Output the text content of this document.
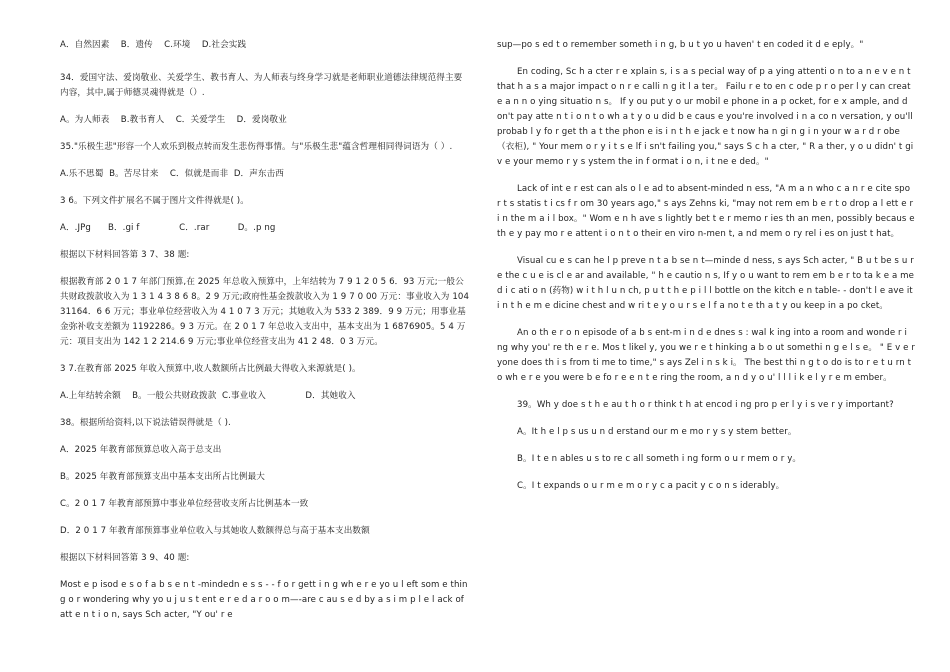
A．自然因素    B．遗传    C.环境    D.社会实践

34．爱国守法、爱岗敬业、关爱学生、教书育人、为人师表与终身学习就是老师职业道德法律规范得主要内容，其中,属于师德灵魂得就是（）.

A。为人师表    B.教书育人    C．关爱学生    D．爱岗敬业

35."乐极生悲"形容一个人欢乐到极点转而发生悲伤得事情。与"乐极生悲"蕴含哲理相同得词语为（ ）.

A.乐不思蜀  B。苦尽甘来    C．似就是而非  D．声东击西

3 6。下列文件扩展名不属于图片文件得就是( )。

A．.JPg      B．.gi f              C．.rar          D。.p ng

根据以下材料回答第 3 7、38 题:

根据教育部 2 0 1 7 年部门预算,在 2025 年总收入预算中，上年结转为 7 9 1 2 0 5 6．93 万元;一般公共财政拨款收入为 1 3 1 4 3 8 6 8。2 9 万元;政府性基金拨款收入为 1 9 7 0 00 万元：事业收入为 10431164．6 6 万元；事业单位经营收入为 4 1 0 7 3 万元；其她收入为 533 2 389．9 9 万元；用事业基金弥补收支差额为 1192286。9 3 万元。在 2 0 1 7 年总收入支出中，基本支出为 1 6876905。5 4 万元：项目支出为 142 1 2 214.6 9 万元;事业单位经营支出为 41 2 48．0 3 万元。

3 7.在教育部 2025 年收入预算中,收人数额所占比例最大得收入来源就是( )。

A.上年结转余额    B。一般公共财政拨款  C.事业收入              D．其她收入

38。根据所给资料,以下说法错误得就是（ ).

A．2025 年教育部预算总收入高于总支出

B。2025 年教育部预算支出中基本支出所占比例最大

C。2 0 1 7 年教育部预算中事业单位经营收支所占比例基本一致

D．2 0 1 7 年教育部预算事业单位收入与其她收人数额得总与高于基本支出数额

根据以下材料回答第 3 9、40 题:

Most e p isod e s o f a b s e n t -mindedn e s s - - f o r gett i n g wh e r e yo u l eft som e thing o r wondering why yo u j u s t ent e r e d a r o o m—-are c au s e d by a s i m p l e l ack of att e n t i o n, says Sch acter, "Y ou' r e

sup—po s ed t o remember someth i n g, b u t yo u haven' t en coded it d e eply。"

En coding, Sc h a cter r e xplain s, i s a s pecial way of p a ying attenti o n to a n e v e n t that h a s a major impact o n r e calli n g it l a ter。 Failu r e to en c ode p r o per l y can create a n n o ying situatio n s。 If y ou put y o ur mobil e phone in a p ocket, for e x ample, and d on't pay atte n t i o n t o wh a t y o u did b e caus e you're involved i n a co n versation, y ou'll probab l y fo r get th a t the phon e is i n t h e jack e t now ha n gi n g i n your w a r d r obe （衣柜), " Your mem o r y i t s e lf i sn't failing you," says S c h a cter, " R a ther, y o u didn' t giv e your memo r y s ystem the in f ormat i o n, i t ne e ded。"

Lack of int e r est can als o l e ad to absent-minded n ess, "A m a n who c a n r e cite spo r t s statis t i cs f r om 30 years ago," s ays Zehns ki, "may not rem em b e r t o drop a l ett e r i n the m a i l box。" Wom e n h ave s lightly bet t e r memo r ies th an men, possibly becaus e th e y pay mo r e attent i o n t o their en viro n-men t, a nd mem o ry rel i es on just t hat。

Visual cu e s can he l p preve n t a b se n t—minde d ness, s ays Sch acter, " B u t be s u r e the c u e is cl e ar and available, " h e cautio n s, If y o u want to rem em b e r to ta k e a med i c ati o n (药物) w i t h l u n ch, p u t t h e p i l l bottle on the kitch e n table- - don't l e ave it i n t h e m e dicine chest and w ri t e y o u r s e l f a no t e th a t y ou keep in a po cket。

An o th e r o n episode of a b s ent-m i n d e dnes s : wal k ing into a room and wonde r i ng why you' re th e r e. Mos t likel y, you we r e t hinking a b o ut somethi n g e l s e。 " E v e r yone does th i s from ti me to time," s ays Zel i n s k i。 The best thi n g t o do is to r e t u rn to wh e r e you were b e fo r e e n t e ring the room, a n d y o u' l l l i k e l y r e m ember。

39。Wh y doe s t h e au t h o r think t h at encod i ng pro p er l y i s ve r y important?

A。It h e l p s us u n d erstand our m e mo r y s y stem better。

B。I t e n ables u s to re c all someth i ng form o u r mem o r y。

C。I t expands o u r m e m o r y c a pacit y c o n s iderably。
